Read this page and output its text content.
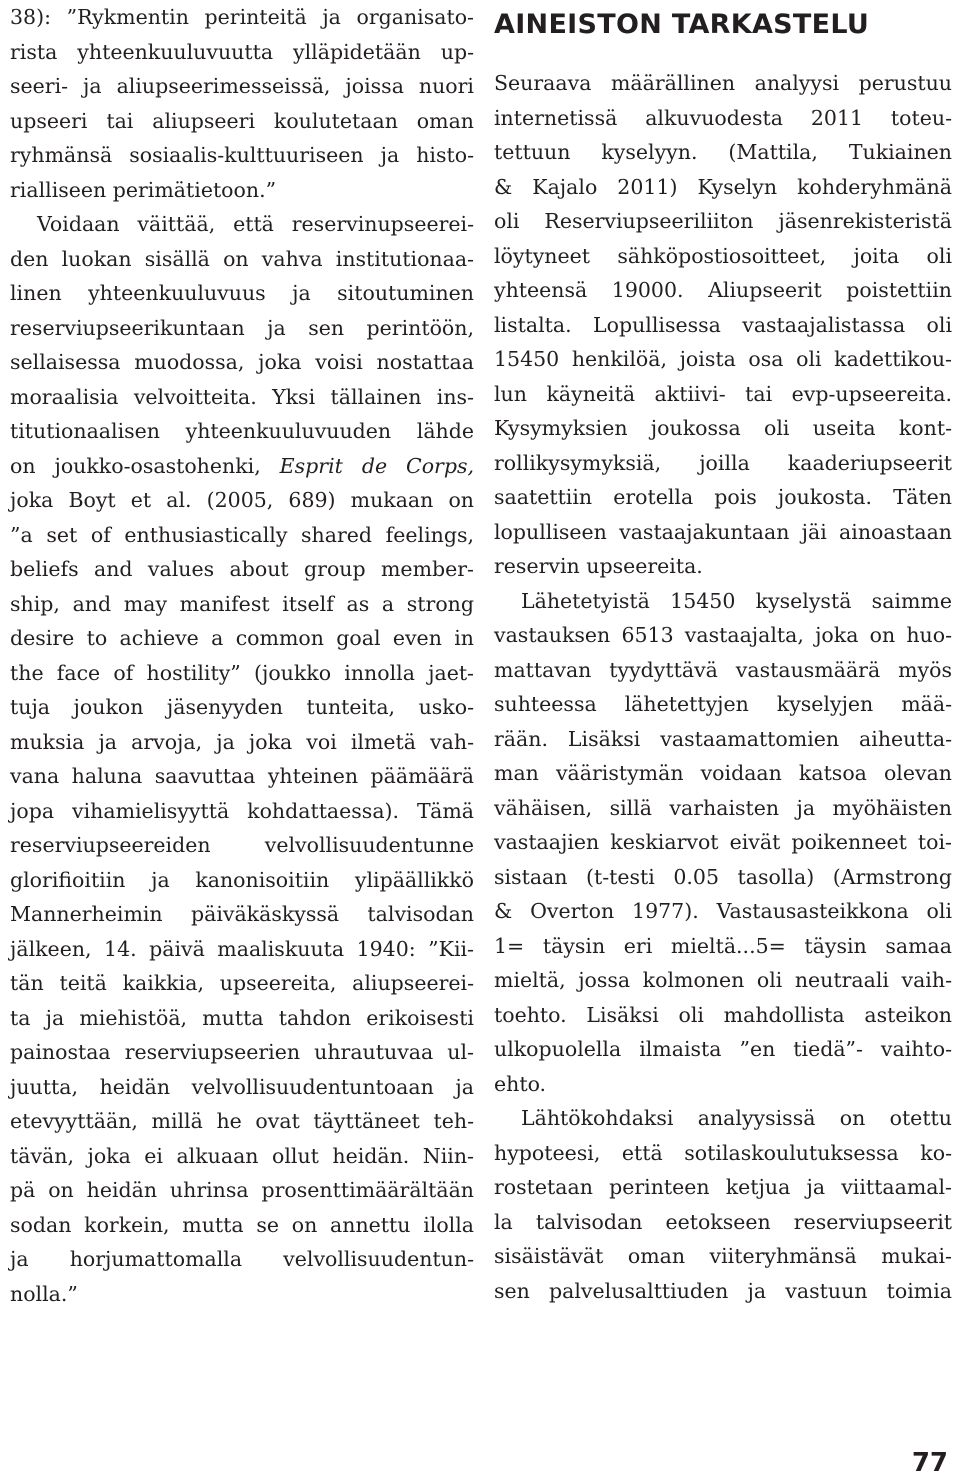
38): ”Rykmentin perinteitä ja organisato-
rista yhteenkuuluvuutta ylläpidetään up-
seeri- ja aliupseerimesseissä, joissa nuori
upseeri tai aliupseeri koulutetaan oman
ryhmänsä sosiaalis-kulttuuriseen ja histo-
rialliseen perimätietoon.”
Voidaan väittää, että reservinupseerei-
den luokan sisällä on vahva institutionaa-
linen yhteenkuuluvuus ja sitoutuminen
reserviupseerikuntaan ja sen perintöön,
sellaisessa muodossa, joka voisi nostattaa
moraalisia velvoitteita. Yksi tällainen ins-
titutionaalisen yhteenkuuluvuuden lähde
on joukko-osastohenki, Esprit de Corps,
joka Boyt et al. (2005, 689) mukaan on
”a set of enthusiastically shared feelings,
beliefs and values about group member-
ship, and may manifest itself as a strong
desire to achieve a common goal even in
the face of hostility” (joukko innolla jaet-
tuja joukon jäsenyyden tunteita, usko-
muksia ja arvoja, ja joka voi ilmetä vah-
vana haluna saavuttaa yhteinen päämäärä
jopa vihamielisyyttä kohdattaessa). Tämä
reserviupseereiden velvollisuudentunne
glorifioitiin ja kanonisoitiin ylipäällikkö
Mannerheimin päiväkäskyssä talvisodan
jälkeen, 14. päivä maaliskuuta 1940: ”Kii-
tän teitä kaikkia, upseereita, aliupseerei-
ta ja miehistöä, mutta tahdon erikoisesti
painostaa reserviupseerien uhrautuvaa ul-
juutta, heidän velvollisuudentuntoaan ja
etevyyttään, millä he ovat täyttäneet teh-
tävän, joka ei alkuaan ollut heidän. Niin-
pä on heidän uhrinsa prosenttimäärältään
sodan korkein, mutta se on annettu ilolla
ja horjumattomalla velvollisuudentun-
nolla.”
AINEISTON TARKASTELU
Seuraava määrällinen analyysi perustuu
internetissä alkuvuodesta 2011 toteu-
tettuun kyselyyn. (Mattila, Tukiainen
& Kajalo 2011) Kyselyn kohderyhmänä
oli Reserviupseeriliiton jäsenrekisteristä
löytyneet sähköpostiosoitteet, joita oli
yhteensä 19000. Aliupseerit poistettiin
listalta. Lopullisessa vastaajalistassa oli
15450 henkilöä, joista osa oli kadettikou-
lun käyneitä aktiivi- tai evp-upseereita.
Kysymyksien joukossa oli useita kont-
rollikysymyksiä, joilla kaaderiupseerit
saatettiin erotella pois joukosta. Täten
lopulliseen vastaajakuntaan jäi ainoastaan
reservin upseereita.
Lähetetyistä 15450 kyselystä saimme
vastauksen 6513 vastaajalta, joka on huo-
mattavan tyydyttävä vastausmäärä myös
suhteessa lähetettyjen kyselyjen mää-
rään. Lisäksi vastaamattomien aiheutta-
man vääristymän voidaan katsoa olevan
vähäisen, sillä varhaisten ja myöhäisten
vastaajien keskiarvot eivät poikenneet toi-
sistaan (t-testi 0.05 tasolla) (Armstrong
& Overton 1977). Vastausasteikkona oli
1= täysin eri mieltä...5= täysin samaa
mieltä, jossa kolmonen oli neutraali vaih-
toehto. Lisäksi oli mahdollista asteikon
ulkopuolella ilmaista ”en tiedä”- vaihto-
ehto.
Lähtökohdaksi analyysissä on otettu
hypoteesi, että sotilaskoulutuksessa ko-
rostetaan perinteen ketjua ja viittaamal-
la talvisodan eetokseen reserviupseerit
sisäistävät oman viiteryhmänsä mukai-
sen palvelusalttiuden ja vastuun toimia
77
